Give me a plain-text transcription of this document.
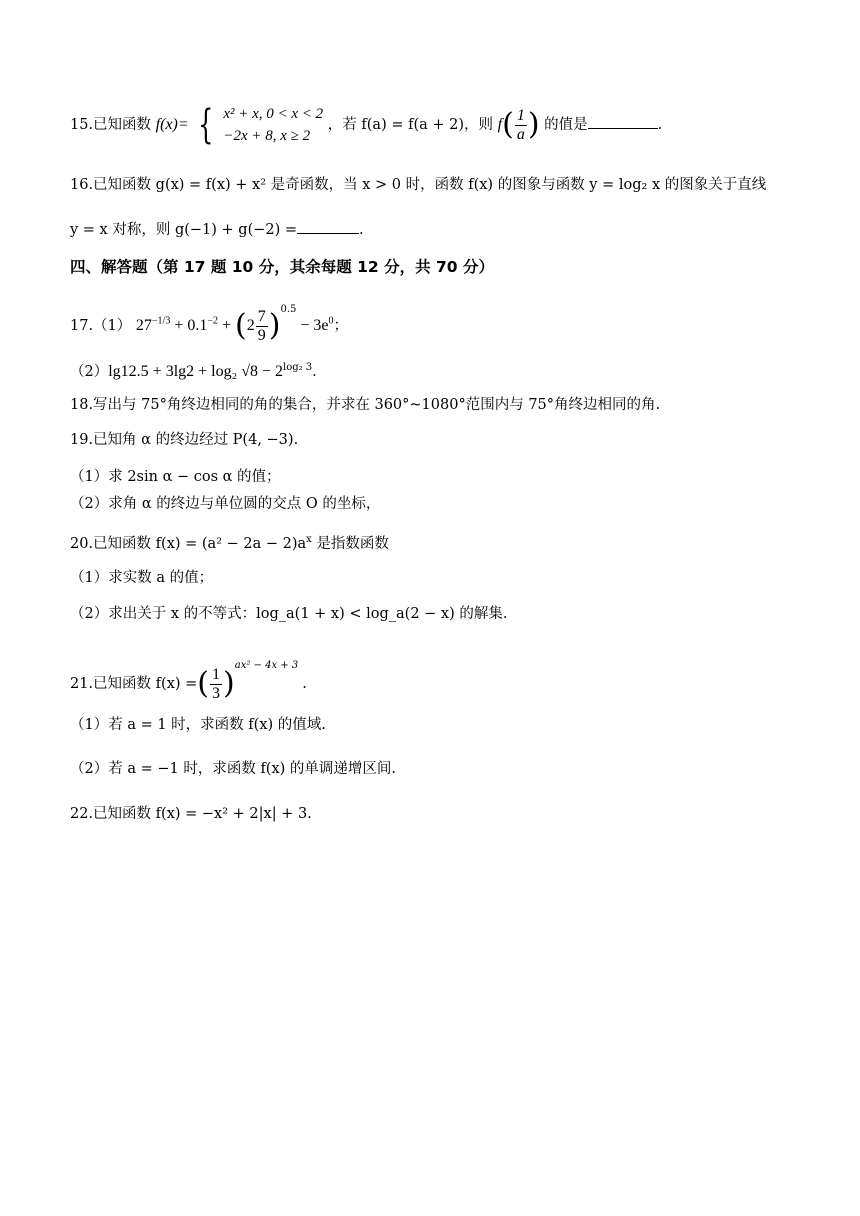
15.已知函数 f(x)= { x² + x, 0 < x < 2
−2x + 8, x ≥ 2
，若 f(a) = f(a + 2)，则 $f( \frac{1}{a}$ ) 的值是	.
16.已知函数 g(x) = f(x) + x² 是奇函数，当 x > 0 时，函数 f(x) 的图象与函数 y = log₂ x 的图象关于直线
y = x 对称，则 g(−1) + g(−2) =	.
四、解答题（第 17 题 10 分，其余每题 12 分，共 70 分）
17.（1） $27^{-1/3} + 0.1^{-2} + (2 \frac{7}{9} )^{0.5} - 3e^0$；
（2）lg12.5 + 3lg2 + log₂ $√8 - 2^{log_2 3}$.
18.写出与 75°角终边相同的角的集合，并求在 360°~1080°范围内与 75°角终边相同的角.
19.已知角 α 的终边经过 P(4, −3).
（1）求 2sin α − cos α 的值；
（2）求角 α 的终边与单位圆的交点 O 的坐标，
20.已知函数 $f(x) = (a^2 - 2a - 2)a^x$ 是指数函数
（1）求实数 a 的值；
（2）求出关于 x 的不等式：log_a(1 + x) < log_a(2 − x) 的解集.
21.已知函数 f(x) =( $\frac{1}{3} )^{ax^2 - 4x + 3}$.
（1）若 a = 1 时，求函数 f(x) 的值域.
（2）若 a = −1 时，求函数 f(x) 的单调递增区间.
22.已知函数 f(x) = −x² + 2|x| + 3.
